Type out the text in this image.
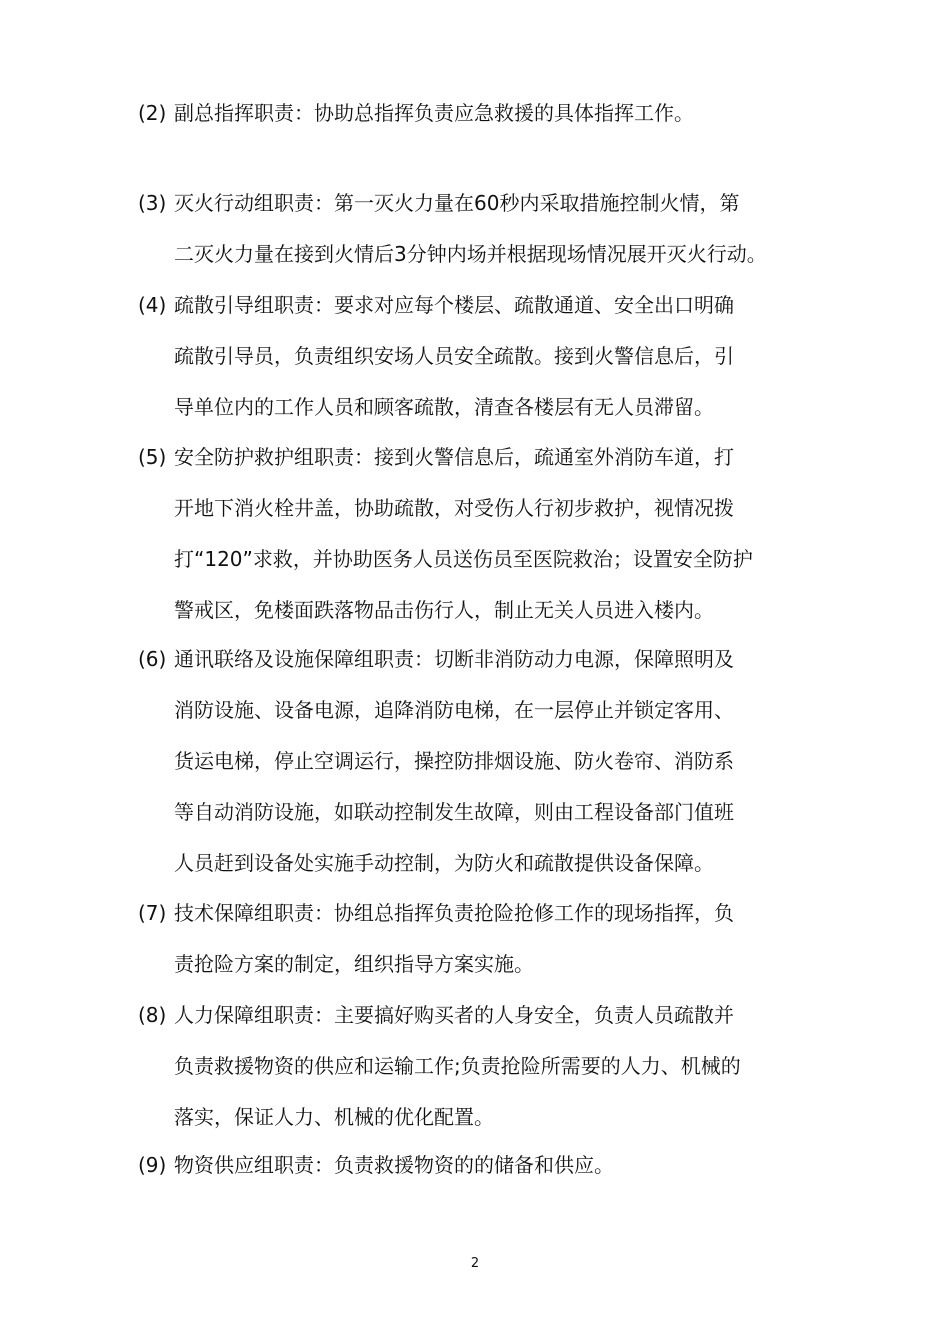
(2) 副总指挥职责：协助总指挥负责应急救援的具体指挥工作。
(3) 灭火行动组职责：第一灭火力量在60秒内采取措施控制火情，第
二灭火力量在接到火情后3分钟内场并根据现场情况展开灭火行动。
(4) 疏散引导组职责：要求对应每个楼层、疏散通道、安全出口明确
疏散引导员，负责组织安场人员安全疏散。接到火警信息后，引
导单位内的工作人员和顾客疏散，清查各楼层有无人员滞留。
(5) 安全防护救护组职责：接到火警信息后，疏通室外消防车道，打
开地下消火栓井盖，协助疏散，对受伤人行初步救护，视情况拨
打“120”求救，并协助医务人员送伤员至医院救治；设置安全防护
警戒区，免楼面跌落物品击伤行人，制止无关人员进入楼内。
(6) 通讯联络及设施保障组职责：切断非消防动力电源，保障照明及
消防设施、设备电源，追降消防电梯，在一层停止并锁定客用、
货运电梯，停止空调运行，操控防排烟设施、防火卷帘、消防系
等自动消防设施，如联动控制发生故障，则由工程设备部门值班
人员赶到设备处实施手动控制，为防火和疏散提供设备保障。
(7) 技术保障组职责：协组总指挥负责抢险抢修工作的现场指挥，负
责抢险方案的制定，组织指导方案实施。
(8) 人力保障组职责：主要搞好购买者的人身安全，负责人员疏散并
负责救援物资的供应和运输工作;负责抢险所需要的人力、机械的
落实，保证人力、机械的优化配置。
(9) 物资供应组职责：负责救援物资的的储备和供应。
2
